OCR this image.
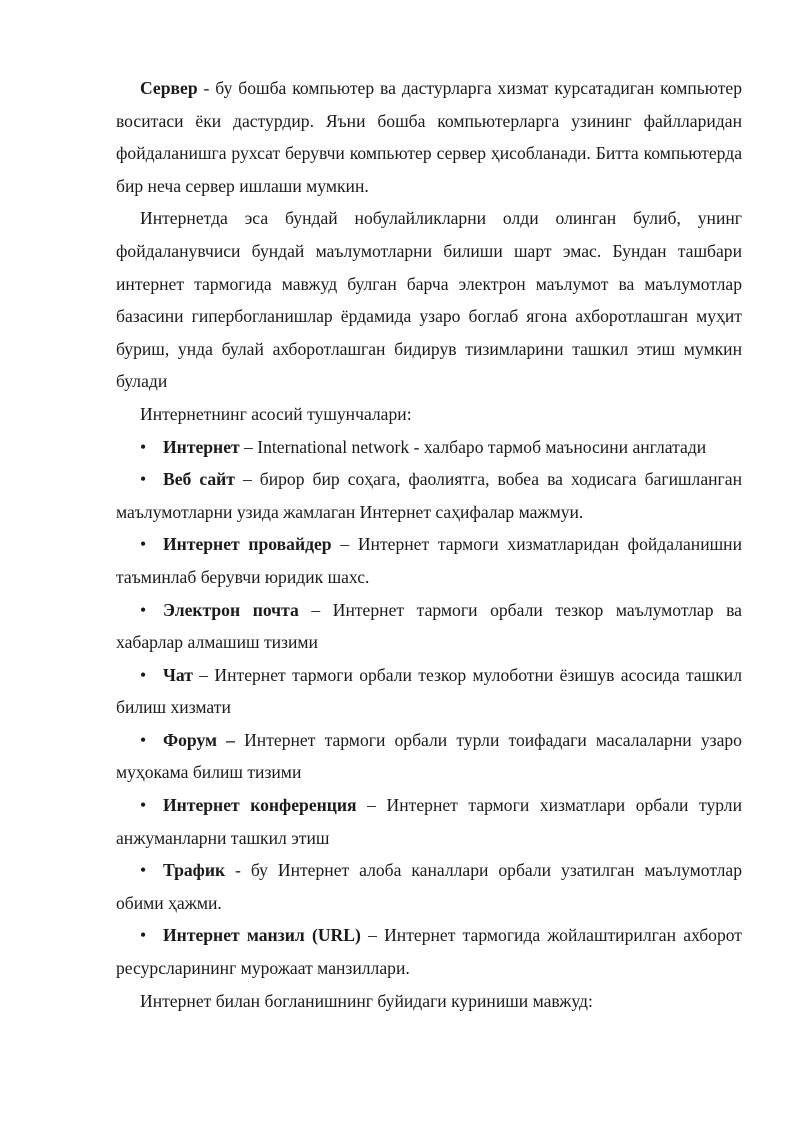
Сервер - бу бошба компьютер ва дастурларга хизмат курсатадиган компьютер воситаси ёки дастурдир. Яъни бошба компьютерларга узининг файлларидан фойдаланишга рухсат берувчи компьютер сервер ҳисобланади. Битта компьютерда бир неча сервер ишлаши мумкин.

Интернетда эса бундай нобулайликларни олди олинган булиб, унинг фойдаланувчиси бундай маълумотларни билиши шарт эмас. Бундан ташбари интернет тармогида мавжуд булган барча электрон маълумот ва маълумотлар базасини гипербогланишлар ёрдамида узаро боглаб ягона ахборотлашган муҳит буриш, унда булай ахборотлашган бидирув тизимларини ташкил этиш мумкин булади

Интернетнинг асосий тушунчалари:

• Интернет – International network - халбаро тармоб маъносини англатади

• Веб сайт – бирор бир соҳага, фаолиятга, вобеа ва ходисага багишланган маълумотларни узида жамлаган Интернет саҳифалар мажмуи.

• Интернет провайдер – Интернет тармоги хизматларидан фойдаланишни таъминлаб берувчи юридик шахс.

• Электрон почта – Интернет тармоги орбали тезкор маълумотлар ва хабарлар алмашиш тизими

• Чат – Интернет тармоги орбали тезкор мулоботни ёзишув асосида ташкил билиш хизмати

• Форум – Интернет тармоги орбали турли тоифадаги масалаларни узаро муҳокама билиш тизими

• Интернет конференция – Интернет тармоги хизматлари орбали турли анжуманларни ташкил этиш

• Трафик - бу Интернет алоба каналлари орбали узатилган маълумотлар обими ҳажми.

• Интернет манзил (URL) – Интернет тармогида жойлаштирилган ахборот ресурсларининг мурожаат манзиллари.

Интернет билан богланишнинг буйидаги куриниши мавжуд:
